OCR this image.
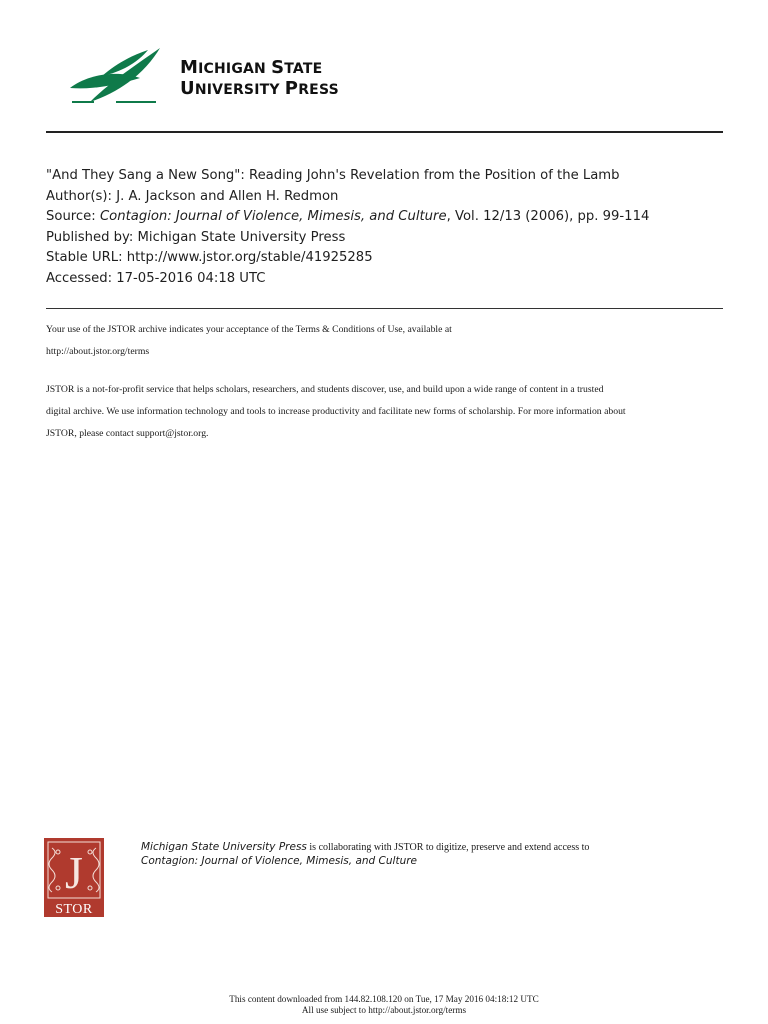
MICHIGAN STATE
UNIVERSITY PRESS
"And They Sang a New Song": Reading John's Revelation from the Position of the Lamb
Author(s): J. A. Jackson and Allen H. Redmon
Source: Contagion: Journal of Violence, Mimesis, and Culture, Vol. 12/13 (2006), pp. 99-114
Published by: Michigan State University Press
Stable URL: http://www.jstor.org/stable/41925285
Accessed: 17-05-2016 04:18 UTC
Your use of the JSTOR archive indicates your acceptance of the Terms & Conditions of Use, available at
http://about.jstor.org/terms
JSTOR is a not-for-profit service that helps scholars, researchers, and students discover, use, and build upon a wide range of content in a trusted
digital archive. We use information technology and tools to increase productivity and facilitate new forms of scholarship. For more information about
JSTOR, please contact support@jstor.org.
J
STOR
Michigan State University Press is collaborating with JSTOR to digitize, preserve and extend access to
Contagion: Journal of Violence, Mimesis, and Culture
This content downloaded from 144.82.108.120 on Tue, 17 May 2016 04:18:12 UTC
All use subject to http://about.jstor.org/terms
